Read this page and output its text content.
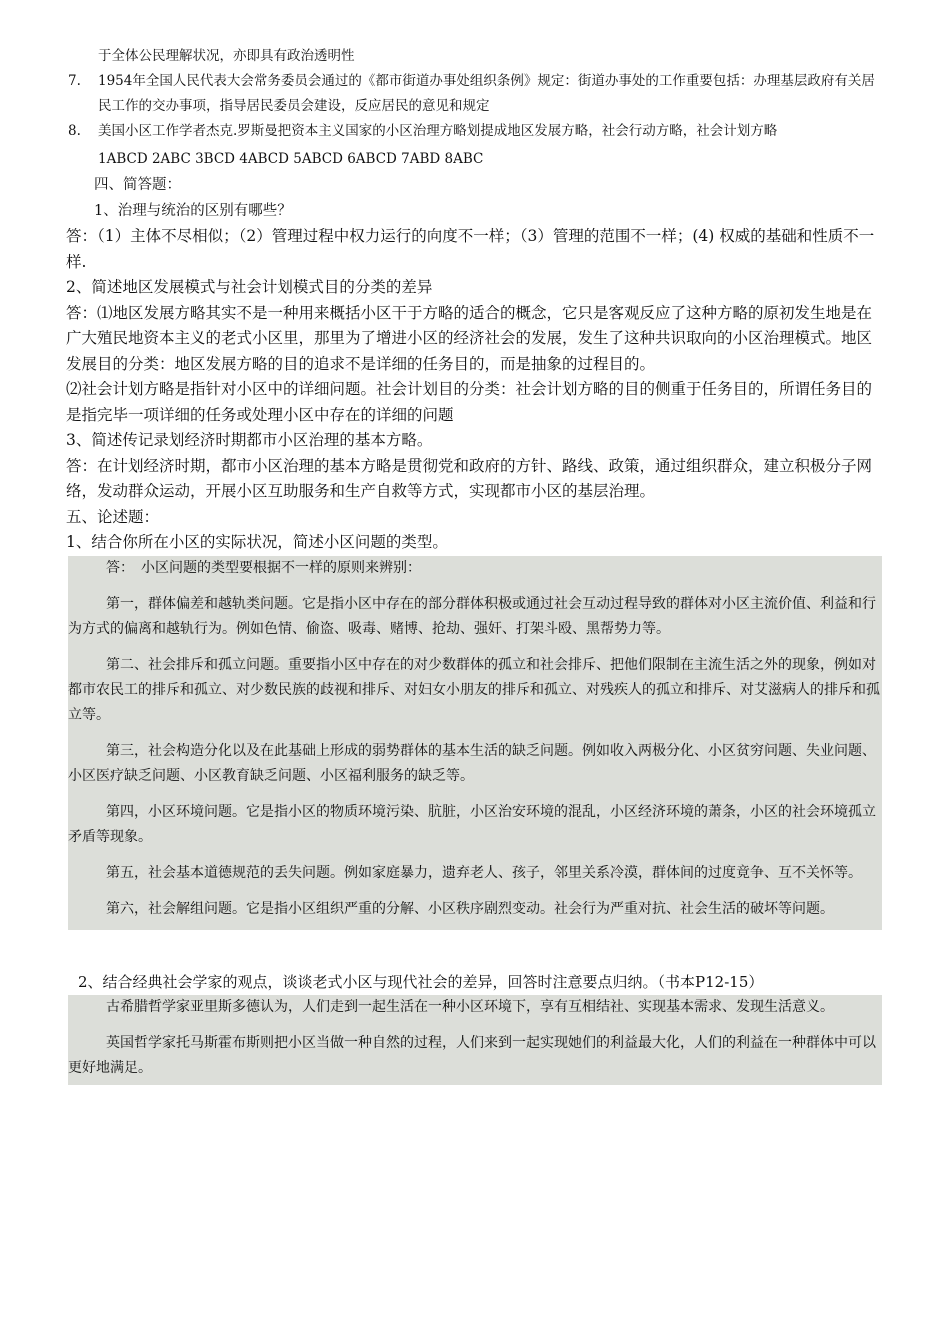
于全体公民理解状况，亦即具有政治透明性

7.	1954年全国人民代表大会常务委员会通过的《都市街道办事处组织条例》规定：街道办事处的工作重要包括：办理基层政府有关居民工作的交办事项，指导居民委员会建设，反应居民的意见和规定
8.	美国小区工作学者杰克.罗斯曼把资本主义国家的小区治理方略划提成地区发展方略，社会行动方略，社会计划方略

1ABCD 2ABC 3BCD 4ABCD 5ABCD 6ABCD 7ABD 8ABC

四、简答题：

1、治理与统治的区别有哪些？

答：（1）主体不尽相似；（2）管理过程中权力运行的向度不一样；（3）管理的范围不一样；(4) 权威的基础和性质不一样.

2、简述地区发展模式与社会计划模式目的分类的差异

答：⑴地区发展方略其实不是一种用来概括小区干于方略的适合的概念，它只是客观反应了这种方略的原初发生地是在广大殖民地资本主义的老式小区里，那里为了增进小区的经济社会的发展，发生了这种共识取向的小区治理模式。地区发展目的分类：地区发展方略的目的追求不是详细的任务目的，而是抽象的过程目的。

⑵社会计划方略是指针对小区中的详细问题。社会计划目的分类：社会计划方略的目的侧重于任务目的，所谓任务目的是指完毕一项详细的任务或处理小区中存在的详细的问题

3、简述传记录划经济时期都市小区治理的基本方略。

答：在计划经济时期，都市小区治理的基本方略是贯彻党和政府的方针、路线、政策，通过组织群众，建立积极分子网络，发动群众运动，开展小区互助服务和生产自救等方式，实现都市小区的基层治理。

五、论述题：

1、结合你所在小区的实际状况，简述小区问题的类型。

答：　小区问题的类型要根据不一样的原则来辨别：

第一，群体偏差和越轨类问题。它是指小区中存在的部分群体积极或通过社会互动过程导致的群体对小区主流价值、利益和行为方式的偏离和越轨行为。例如色情、偷盗、吸毒、赌博、抢劫、强奸、打架斗殴、黑帮势力等。

第二、社会排斥和孤立问题。重要指小区中存在的对少数群体的孤立和社会排斥、把他们限制在主流生活之外的现象，例如对都市农民工的排斥和孤立、对少数民族的歧视和排斥、对妇女小朋友的排斥和孤立、对残疾人的孤立和排斥、对艾滋病人的排斥和孤立等。

第三，社会构造分化以及在此基础上形成的弱势群体的基本生活的缺乏问题。例如收入两极分化、小区贫穷问题、失业问题、小区医疗缺乏问题、小区教育缺乏问题、小区福利服务的缺乏等。

第四，小区环境问题。它是指小区的物质环境污染、肮脏，小区治安环境的混乱，小区经济环境的萧条，小区的社会环境孤立矛盾等现象。

第五，社会基本道德规范的丢失问题。例如家庭暴力，遗弃老人、孩子，邻里关系冷漠，群体间的过度竟争、互不关怀等。

第六，社会解组问题。它是指小区组织严重的分解、小区秩序剧烈变动。社会行为严重对抗、社会生活的破坏等问题。

2、结合经典社会学家的观点，谈谈老式小区与现代社会的差异，回答时注意要点归纳。（书本P12-15）

古希腊哲学家亚里斯多德认为，人们走到一起生活在一种小区环境下，享有互相结社、实现基本需求、发现生活意义。

英国哲学家托马斯霍布斯则把小区当做一种自然的过程，人们来到一起实现她们的利益最大化，人们的利益在一种群体中可以更好地满足。
